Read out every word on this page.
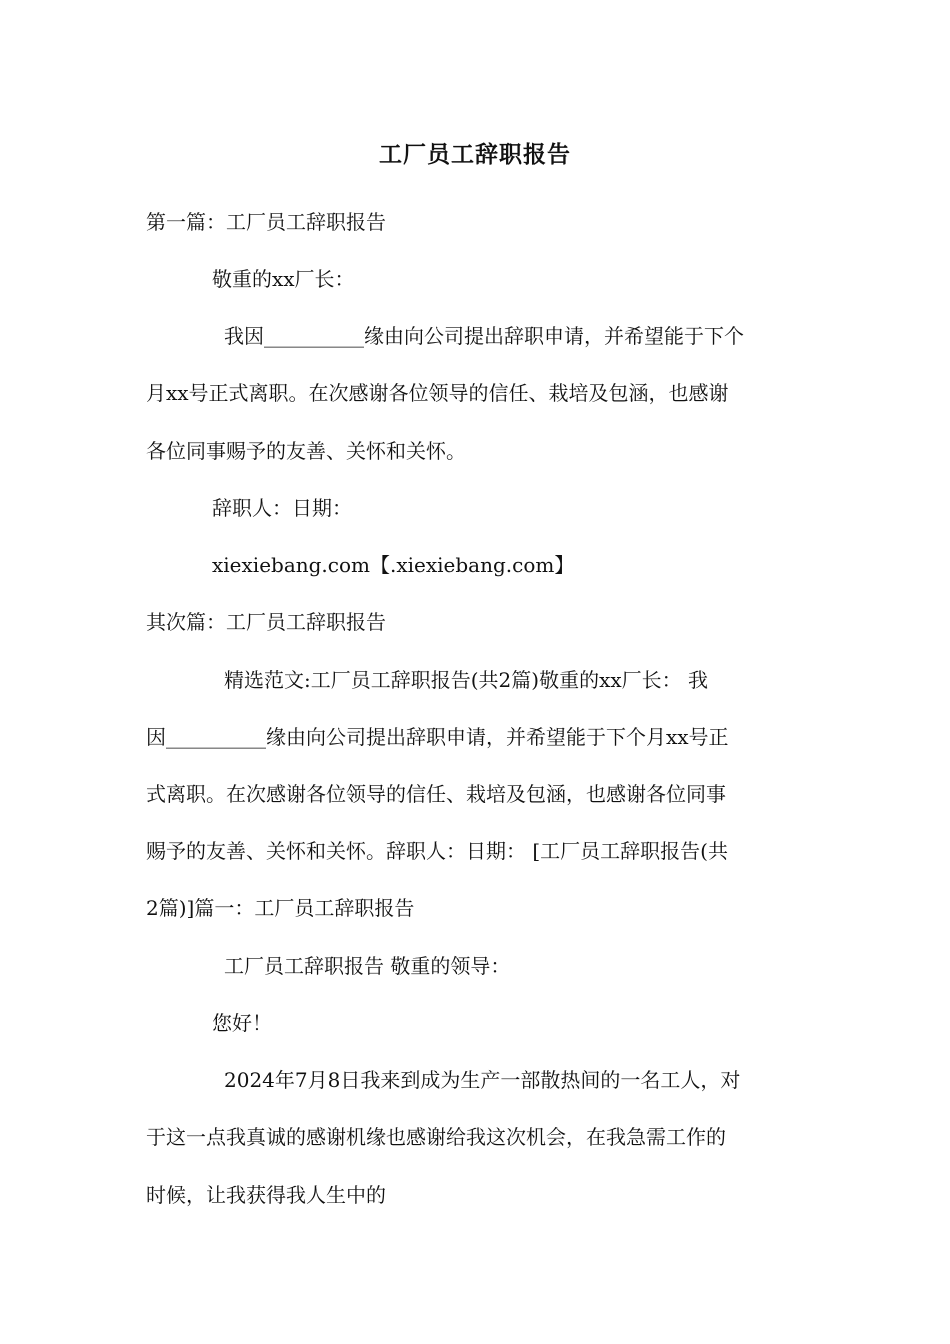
工厂员工辞职报告
第一篇：工厂员工辞职报告
敬重的xx厂长：
我因__________缘由向公司提出辞职申请，并希望能于下个
月xx号正式离职。在次感谢各位领导的信任、栽培及包涵，也感谢
各位同事赐予的友善、关怀和关怀。
辞职人：日期：
xiexiebang.com【.xiexiebang.com】
其次篇：工厂员工辞职报告
精选范文:工厂员工辞职报告(共2篇)敬重的xx厂长： 我
因__________缘由向公司提出辞职申请，并希望能于下个月xx号正
式离职。在次感谢各位领导的信任、栽培及包涵，也感谢各位同事
赐予的友善、关怀和关怀。辞职人：日期： [工厂员工辞职报告(共
2篇)]篇一：工厂员工辞职报告
工厂员工辞职报告 敬重的领导：
您好！
2024年7月8日我来到成为生产一部散热间的一名工人，对
于这一点我真诚的感谢机缘也感谢给我这次机会，在我急需工作的
时候，让我获得我人生中的
